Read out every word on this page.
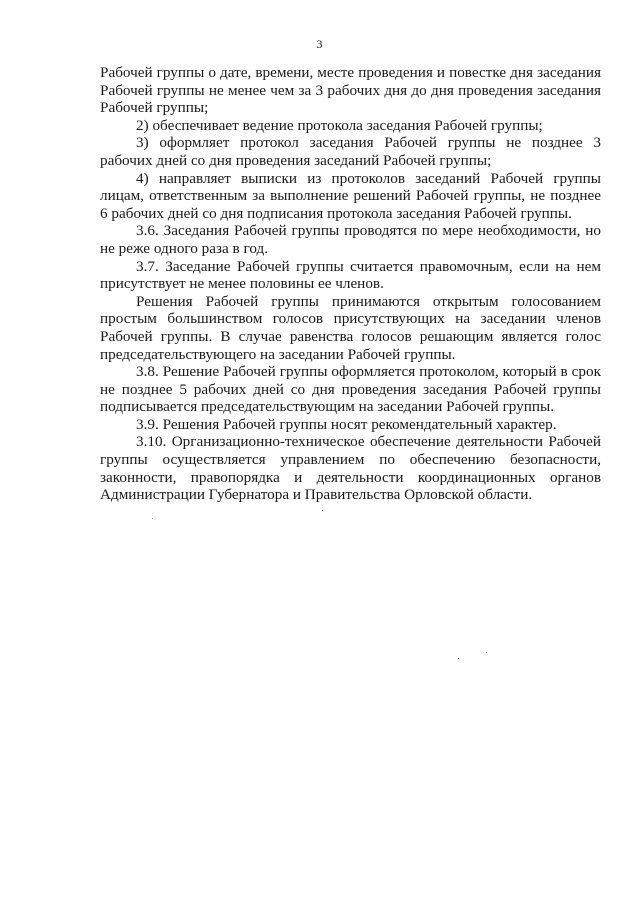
3

Рабочей группы о дате, времени, месте проведения и повестке дня заседания Рабочей группы не менее чем за 3 рабочих дня до дня проведения заседания Рабочей группы;

2) обеспечивает ведение протокола заседания Рабочей группы;

3) оформляет протокол заседания Рабочей группы не позднее 3 рабочих дней со дня проведения заседаний Рабочей группы;

4) направляет выписки из протоколов заседаний Рабочей группы лицам, ответственным за выполнение решений Рабочей группы, не позднее 6 рабочих дней со дня подписания протокола заседания Рабочей группы.

3.6. Заседания Рабочей группы проводятся по мере необходимости, но не реже одного раза в год.

3.7. Заседание Рабочей группы считается правомочным, если на нем присутствует не менее половины ее членов.

Решения Рабочей группы принимаются открытым голосованием простым большинством голосов присутствующих на заседании членов Рабочей группы. В случае равенства голосов решающим является голос председательствующего на заседании Рабочей группы.

3.8. Решение Рабочей группы оформляется протоколом, который в срок не позднее 5 рабочих дней со дня проведения заседания Рабочей группы подписывается председательствующим на заседании Рабочей группы.

3.9. Решения Рабочей группы носят рекомендательный характер.

3.10. Организационно-техническое обеспечение деятельности Рабочей группы осуществляется управлением по обеспечению безопасности, законности, правопорядка и деятельности координационных органов Администрации Губернатора и Правительства Орловской области.
